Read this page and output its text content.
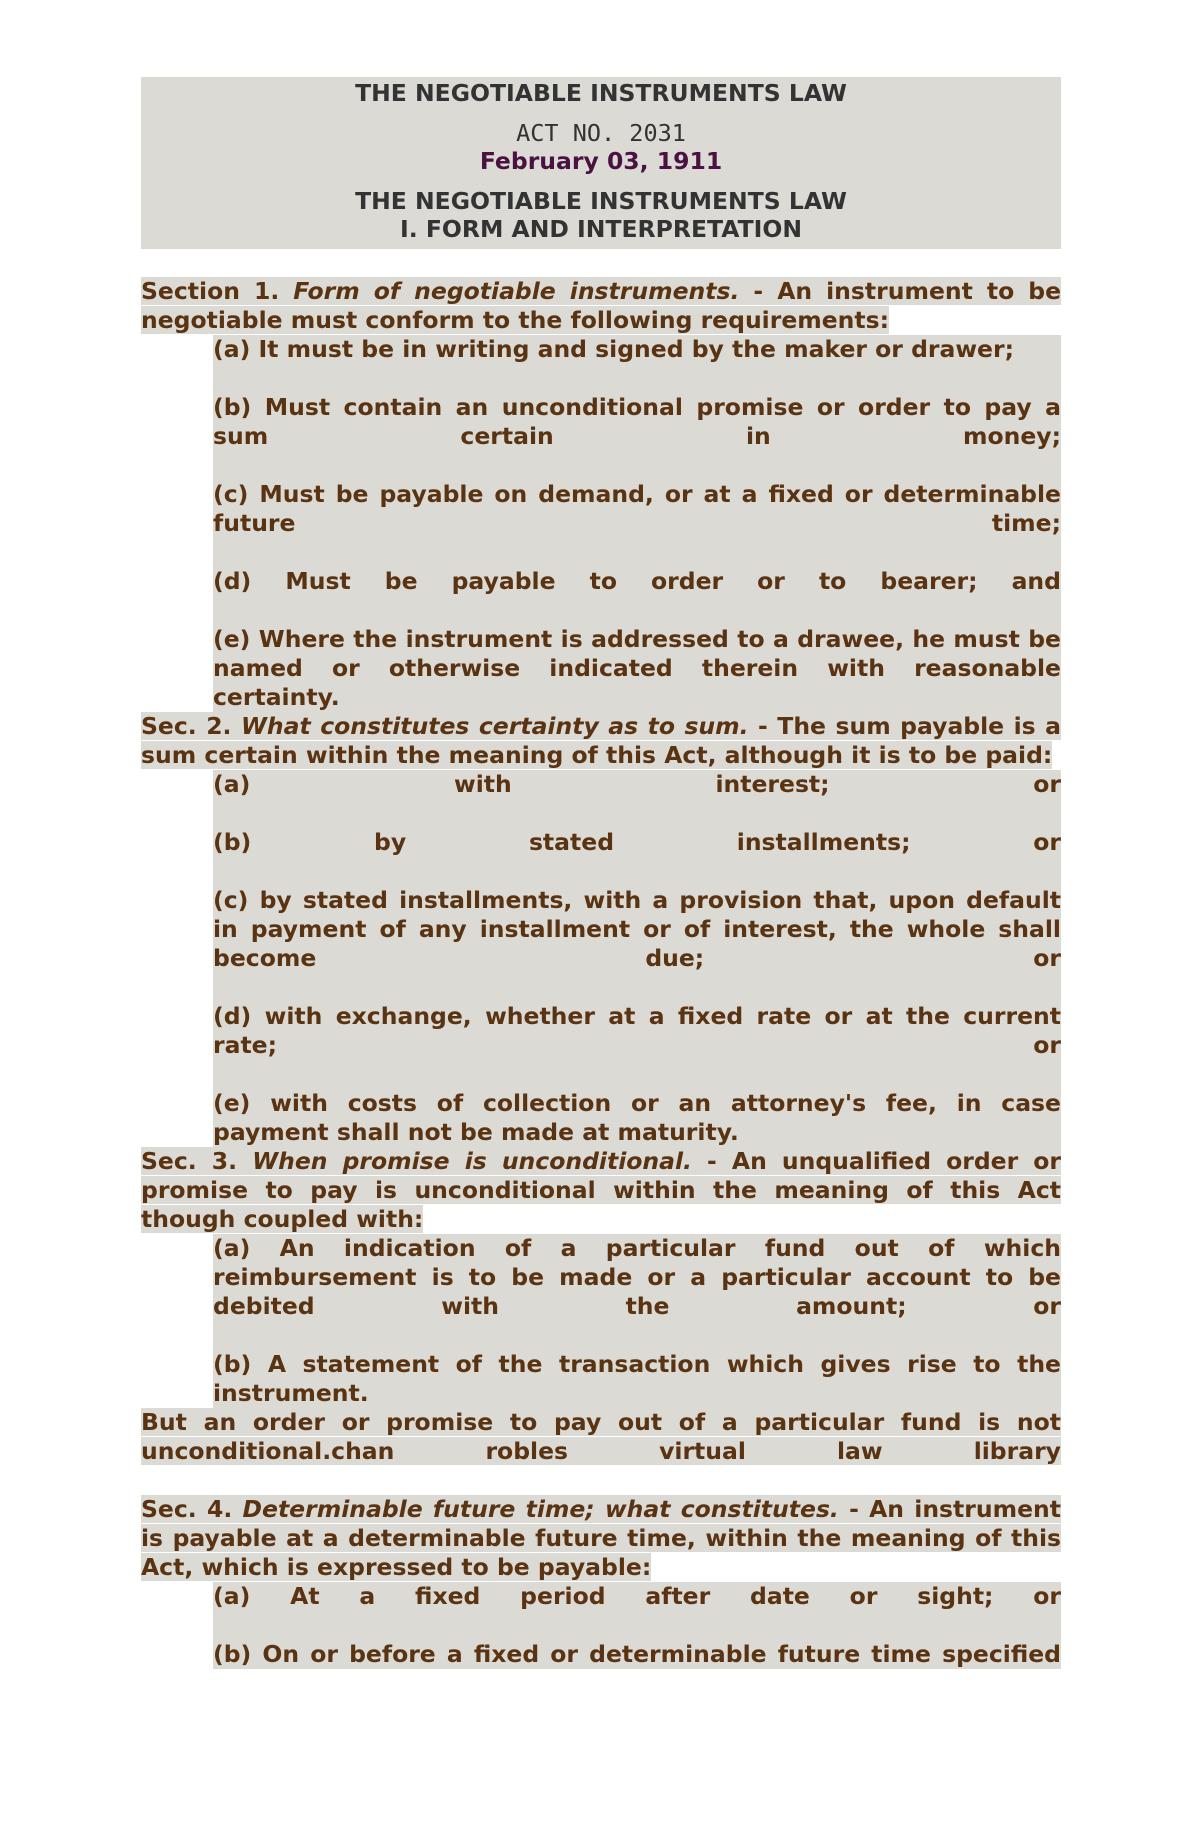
THE NEGOTIABLE INSTRUMENTS LAW
ACT NO. 2031
February 03, 1911
THE NEGOTIABLE INSTRUMENTS LAW
I. FORM AND INTERPRETATION
Section 1. Form of negotiable instruments. - An instrument to be negotiable must conform to the following requirements:
(a) It must be in writing and signed by the maker or drawer;
(b) Must contain an unconditional promise or order to pay a sum certain in money;
(c) Must be payable on demand, or at a fixed or determinable future time;
(d) Must be payable to order or to bearer; and
(e) Where the instrument is addressed to a drawee, he must be named or otherwise indicated therein with reasonable certainty.
Sec. 2. What constitutes certainty as to sum. - The sum payable is a sum certain within the meaning of this Act, although it is to be paid:
(a) with interest; or
(b) by stated installments; or
(c) by stated installments, with a provision that, upon default in payment of any installment or of interest, the whole shall become due; or
(d) with exchange, whether at a fixed rate or at the current rate; or
(e) with costs of collection or an attorney's fee, in case payment shall not be made at maturity.
Sec. 3. When promise is unconditional. - An unqualified order or promise to pay is unconditional within the meaning of this Act though coupled with:
(a) An indication of a particular fund out of which reimbursement is to be made or a particular account to be debited with the amount; or
(b) A statement of the transaction which gives rise to the instrument.
But an order or promise to pay out of a particular fund is not unconditional.chan robles virtual law library
Sec. 4. Determinable future time; what constitutes. - An instrument is payable at a determinable future time, within the meaning of this Act, which is expressed to be payable:
(a) At a fixed period after date or sight; or
(b) On or before a fixed or determinable future time specified
